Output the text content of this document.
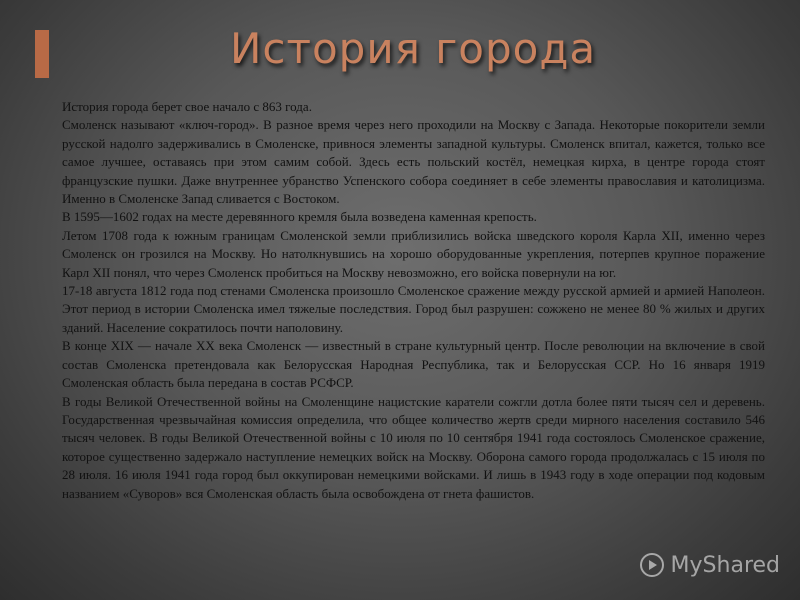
История города

История города берет свое начало с 863 года.

Смоленск называют «ключ-город». В разное время через него проходили на Москву с Запада. Некоторые покорители земли русской надолго задерживались в Смоленске, привнося элементы западной культуры. Смоленск впитал, кажется, только все самое лучшее, оставаясь при этом самим собой. Здесь есть польский костёл, немецкая кирха, в центре города стоят французские пушки. Даже внутреннее убранство Успенского собора соединяет в себе элементы православия и католицизма. Именно в Смоленске Запад сливается с Востоком.

В 1595—1602 годах на месте деревянного кремля была возведена каменная крепость.

Летом 1708 года к южным границам Смоленской земли приблизились войска шведского короля Карла XII, именно через Смоленск он грозился на Москву. Но натолкнувшись на хорошо оборудованные укрепления, потерпев крупное поражение Карл XII понял, что через Смоленск пробиться на Москву невозможно, его войска повернули на юг.

17-18 августа 1812 года под стенами Смоленска произошло Смоленское сражение между русской армией и армией Наполеон. Этот период в истории Смоленска имел тяжелые последствия. Город был разрушен: сожжено не менее 80 % жилых и других зданий. Население сократилось почти наполовину.

В конце XIX — начале XX века Смоленск — известный в стране культурный центр. После революции на включение в свой состав Смоленска претендовала как Белорусская Народная Республика, так и Белорусская ССР. Но 16 января 1919 Смоленская область была передана в состав РСФСР.

В годы Великой Отечественной войны на Смоленщине нацистские каратели сожгли дотла более пяти тысяч сел и деревень. Государственная чрезвычайная комиссия определила, что общее количество жертв среди мирного населения составило 546 тысяч человек. В годы Великой Отечественной войны с 10 июля по 10 сентября 1941 года состоялось Смоленское сражение, которое существенно задержало наступление немецких войск на Москву. Оборона самого города продолжалась с 15 июля по 28 июля. 16 июля 1941 года город был оккупирован немецкими войсками. И лишь в 1943 году в ходе операции под кодовым названием «Суворов» вся Смоленская область была освобождена от гнета фашистов.

MyShared
